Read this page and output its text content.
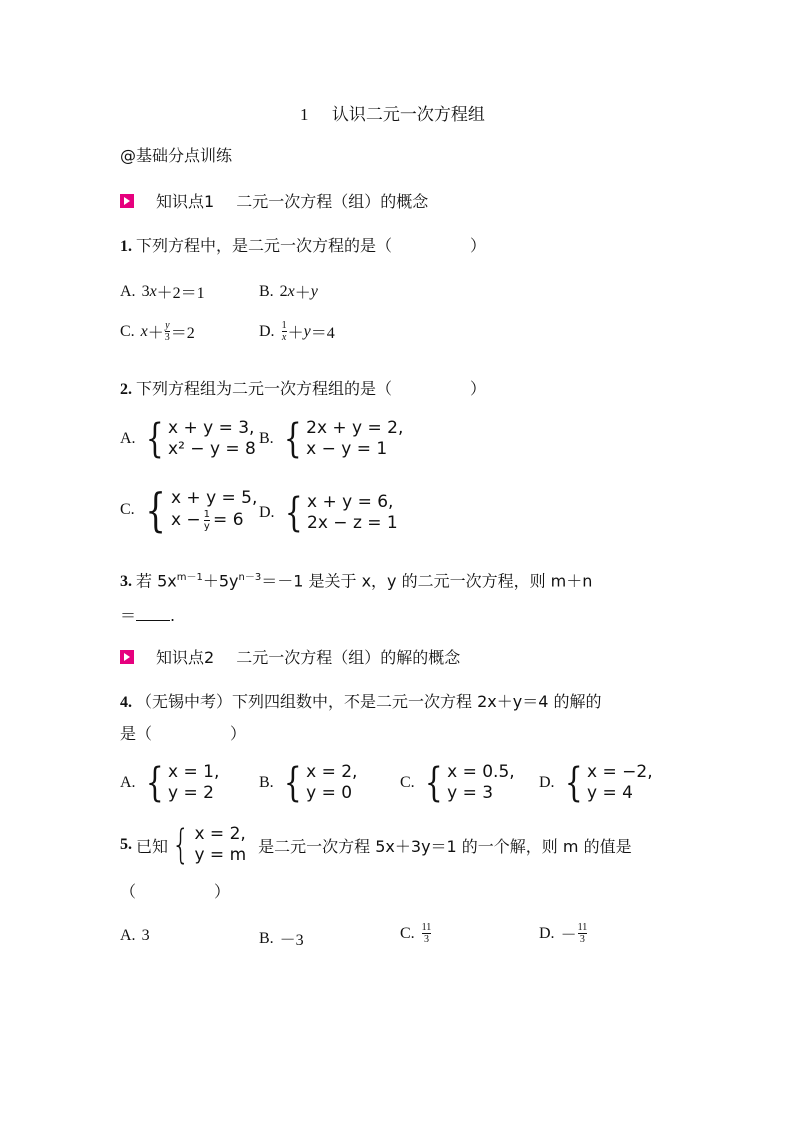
1 认识二元一次方程组
@基础分点训练
知识点1 二元一次方程（组）的概念
1. 下列方程中，是二元一次方程的是（	）
A. 3 x ＋2＝1	B. 2 x ＋ y
C. $x + \frac{y}{3} =2$	D. $\frac{1}{x} + y =4$
2. 下列方程组为二元一次方程组的是（	）
A. { x + y = 3,
x² − y = 8
B. { 2x + y = 2,
x − y = 1
C. { x + y = 5,
$x - \frac{1}{y} = 6$ D. { x + y = 6,
2x − z = 1
3. 若 $5x^{m-1}+5y^{n-3}=-1$ 是关于 x，y 的二元一次方程，则 m＋n
＝ .
知识点2 二元一次方程（组）的解的概念
4. （无锡中考）下列四组数中，不是二元一次方程 2x＋y＝4 的解的
是（	）
A. { x = 1,
y = 2
B. { x = 2,
y = 0
C. { x = 0.5,
y = 3
D. { x = −2,
y = 4
5. 已知 { x = 2,
y = m 是二元一次方程 5x＋3y＝1 的一个解，则 m 的值是
（	）
A. 3	B. －3	C. $\frac{11}{3}$	D. － $\frac{11}{3}$
